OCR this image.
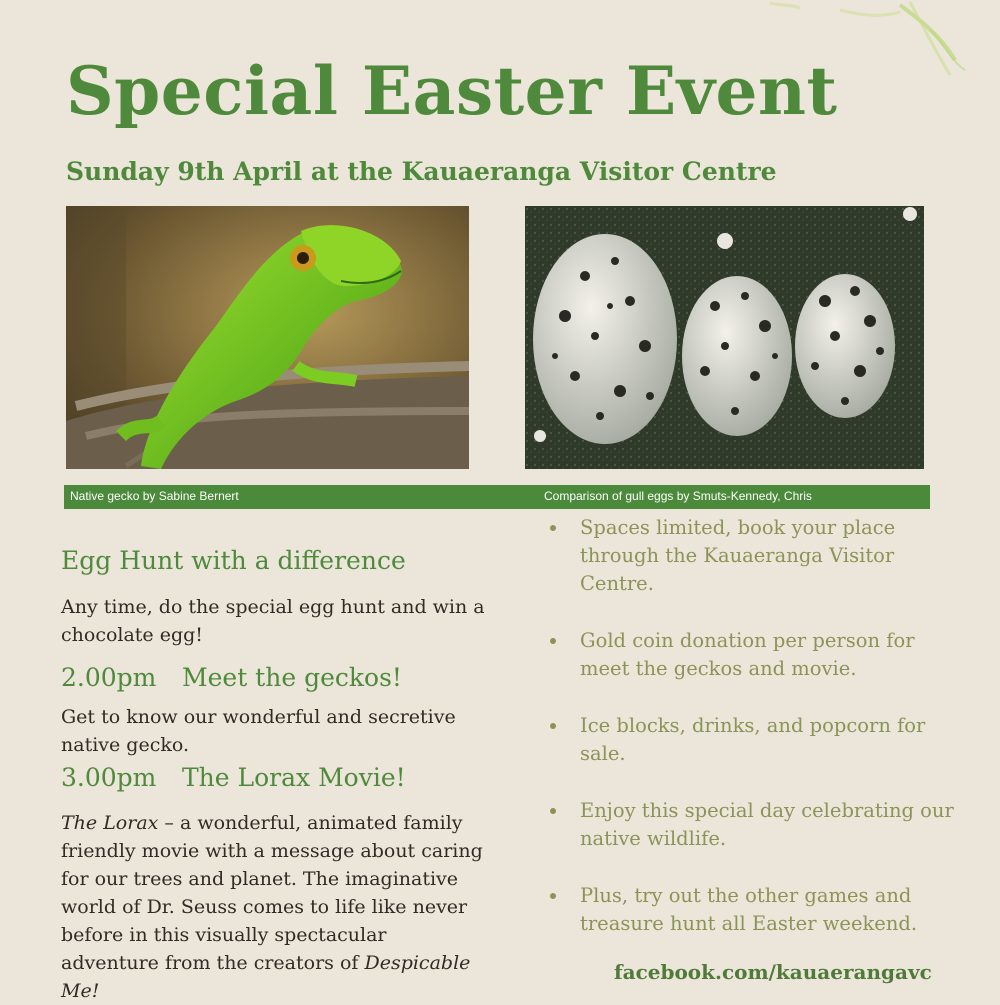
Special Easter Event
Sunday 9th April at the Kauaeranga Visitor Centre
Native gecko by Sabine Bernert	Comparison of gull eggs by Smuts-Kennedy, Chris
Egg Hunt with a difference
Any time, do the special egg hunt and win a chocolate egg!
2.00pm Meet the geckos!
Get to know our wonderful and secretive native gecko.
3.00pm The Lorax Movie!
The Lorax – a wonderful, animated family friendly movie with a message about caring for our trees and planet. The imaginative world of Dr. Seuss comes to life like never before in this visually spectacular adventure from the creators of Despicable Me!
Spaces limited, book your place through the Kauaeranga Visitor Centre.
Gold coin donation per person for meet the geckos and movie.
Ice blocks, drinks, and popcorn for sale.
Enjoy this special day celebrating our native wildlife.
Plus, try out the other games and treasure hunt all Easter weekend.
facebook.com/kauaerangavc
